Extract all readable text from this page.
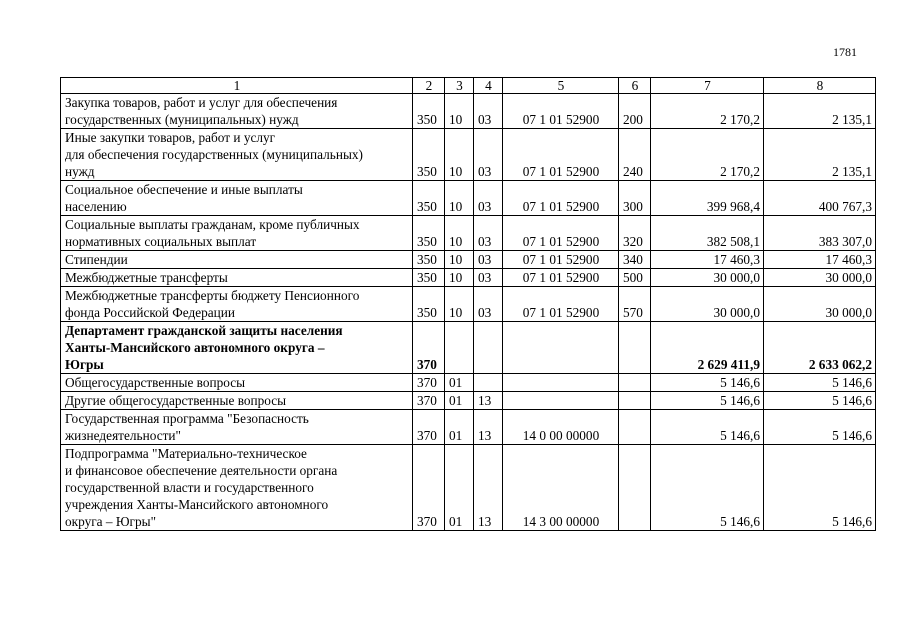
1781
1	2	3	4	5	6	7	8
Закупка товаров, работ и услуг для обеспечения
государственных (муниципальных) нужд	350	10	03	07 1 01 52900	200	2 170,2	2 135,1
Иные закупки товаров, работ и услуг
для обеспечения государственных (муниципальных)
нужд	350	10	03	07 1 01 52900	240	2 170,2	2 135,1
Социальное обеспечение и иные выплаты
населению	350	10	03	07 1 01 52900	300	399 968,4	400 767,3
Социальные выплаты гражданам, кроме публичных
нормативных социальных выплат	350	10	03	07 1 01 52900	320	382 508,1	383 307,0
Стипендии	350	10	03	07 1 01 52900	340	17 460,3	17 460,3
Межбюджетные трансферты	350	10	03	07 1 01 52900	500	30 000,0	30 000,0
Межбюджетные трансферты бюджету Пенсионного
фонда Российской Федерации	350	10	03	07 1 01 52900	570	30 000,0	30 000,0
Департамент гражданской защиты населения
Ханты-Мансийского автономного округа –
Югры	370					2 629 411,9	2 633 062,2
Общегосударственные вопросы	370	01				5 146,6	5 146,6
Другие общегосударственные вопросы	370	01	13			5 146,6	5 146,6
Государственная программа "Безопасность
жизнедеятельности"	370	01	13	14 0 00 00000		5 146,6	5 146,6
Подпрограмма "Материально-техническое
и финансовое обеспечение деятельности органа
государственной власти и государственного
учреждения Ханты-Мансийского автономного
округа – Югры"	370	01	13	14 3 00 00000		5 146,6	5 146,6
